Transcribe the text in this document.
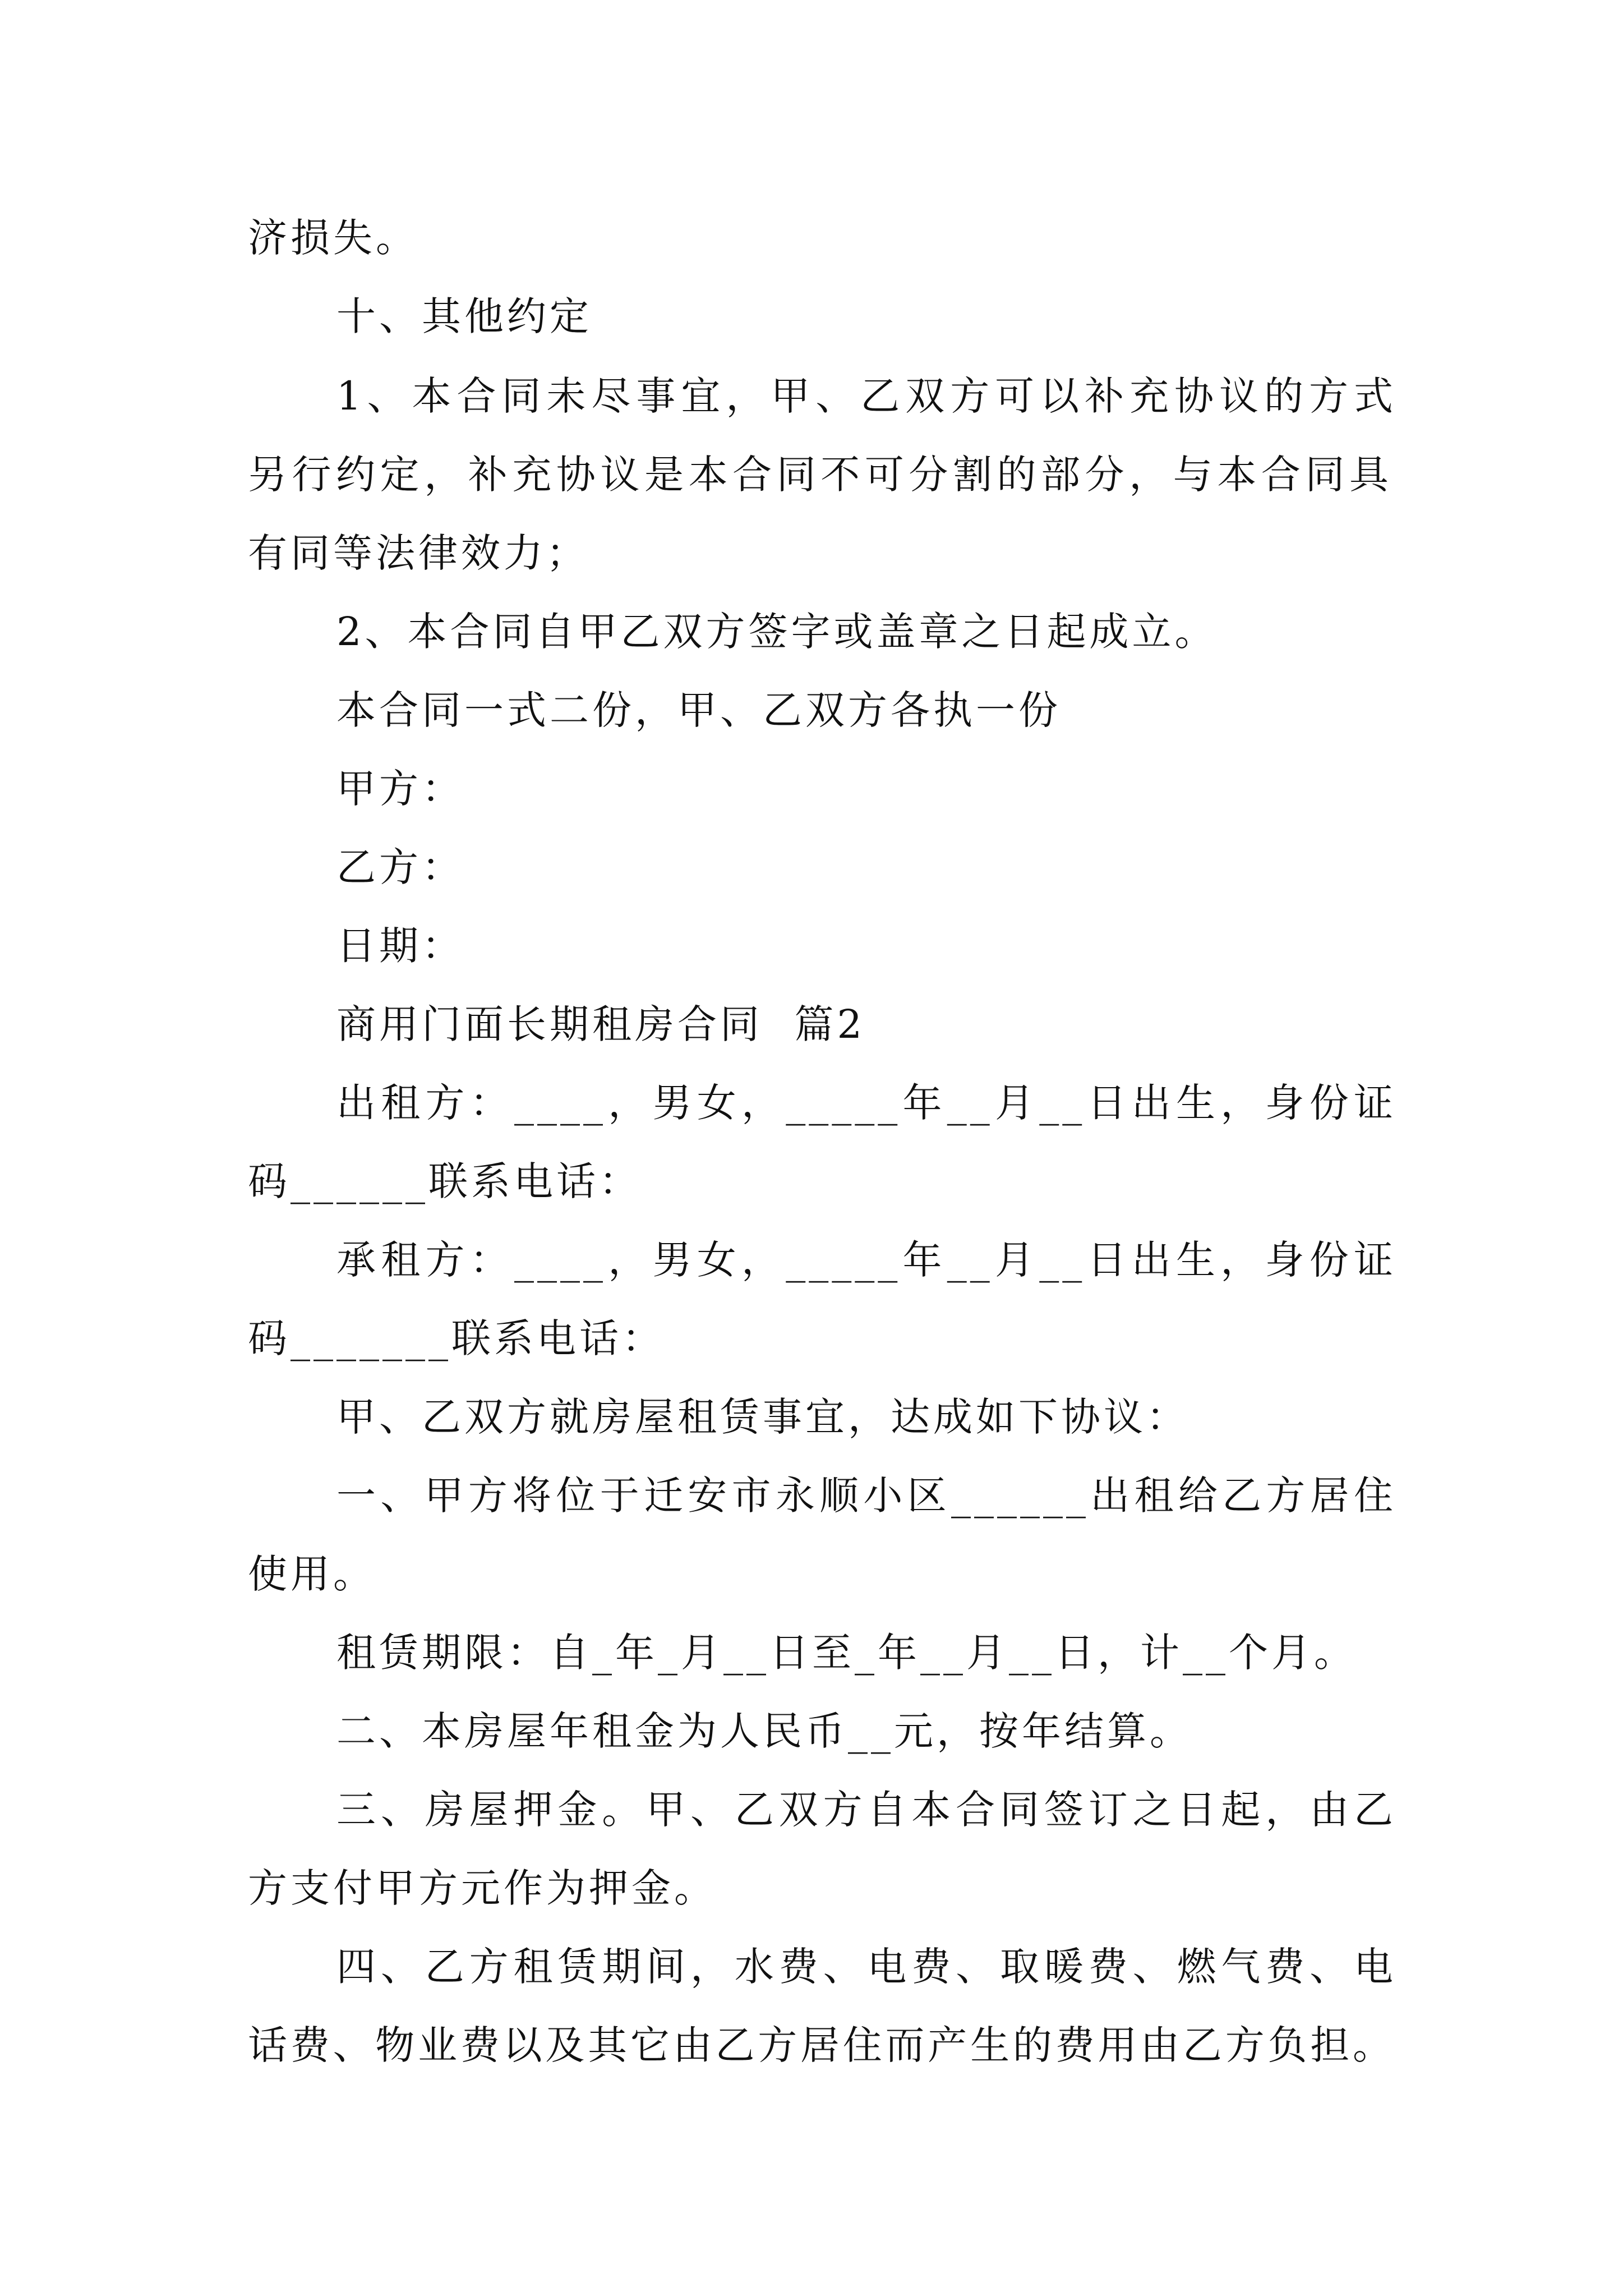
济损失。
十、其他约定
1、本合同未尽事宜，甲、乙双方可以补充协议的方式
另行约定，补充协议是本合同不可分割的部分，与本合同具
有同等法律效力；
2、本合同自甲乙双方签字或盖章之日起成立。
本合同一式二份，甲、乙双方各执一份
甲方：
乙方：
日期：
商用门面长期租房合同  篇2
出租方：____，男女，_____年__月__日出生，身份证
码______联系电话：
承租方：____，男女，_____年__月__日出生，身份证
码_______联系电话：
甲、乙双方就房屋租赁事宜，达成如下协议：
一、甲方将位于迁安市永顺小区______出租给乙方居住
使用。
租赁期限：自_年_月__日至_年__月__日，计__个月。
二、本房屋年租金为人民币__元，按年结算。
三、房屋押金。甲、乙双方自本合同签订之日起，由乙
方支付甲方元作为押金。
四、乙方租赁期间，水费、电费、取暖费、燃气费、电
话费、物业费以及其它由乙方居住而产生的费用由乙方负担。
